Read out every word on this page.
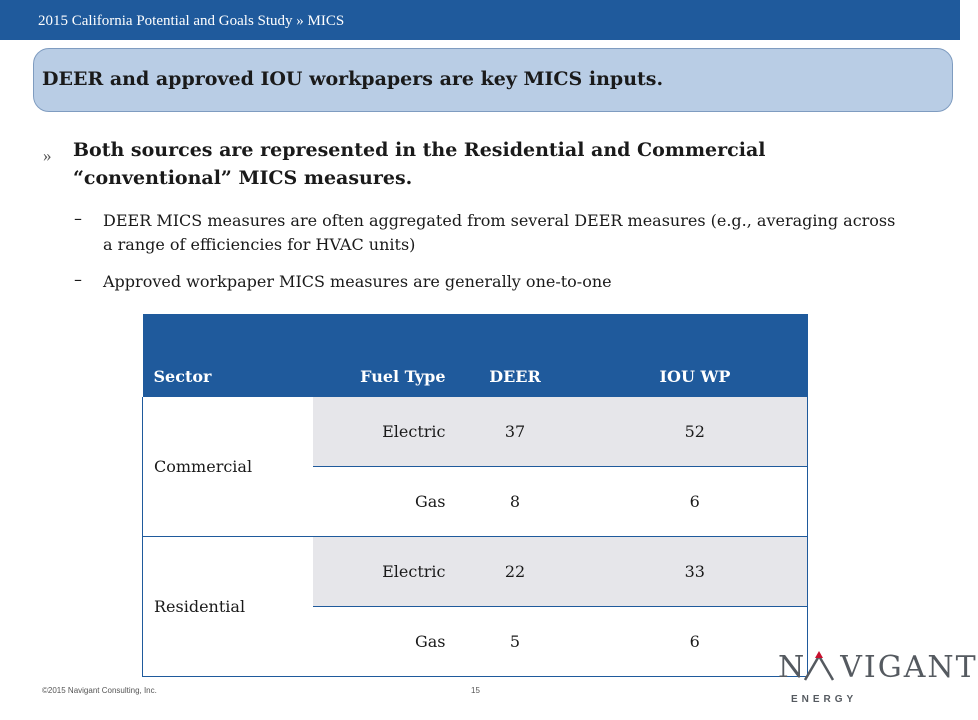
2015 California Potential and Goals Study » MICS
DEER and approved IOU workpapers are key MICS inputs.
» Both sources are represented in the Residential and Commercial “conventional” MICS measures.
– DEER MICS measures are often aggregated from several DEER measures (e.g., averaging across a range of efficiencies for HVAC units)
– Approved workpaper MICS measures are generally one-to-one
Sector	Fuel Type	DEER	IOU WP
Commercial	Electric	37	52
	Gas	8	6
Residential	Electric	22	33
	Gas	5	6
©2015 Navigant Consulting, Inc.	15
N VIGANT
ENERGY
